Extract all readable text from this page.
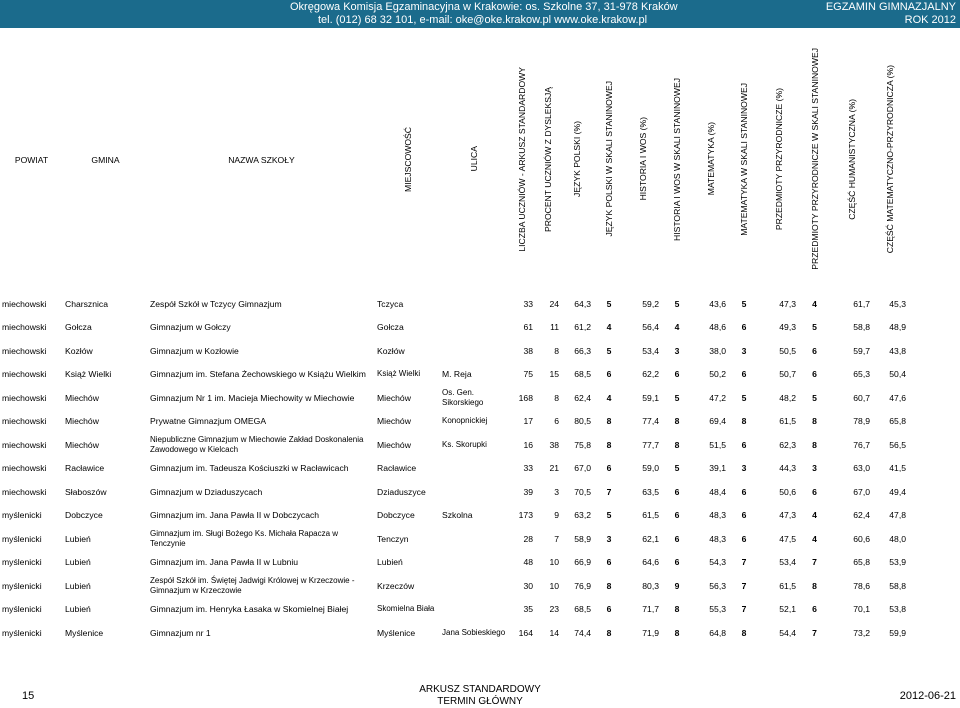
Okręgowa Komisja Egzaminacyjna w Krakowie: os. Szkolne 37, 31-978 Kraków
tel. (012) 68 32 101, e-mail: oke@oke.krakow.pl www.oke.krakow.pl
EGZAMIN GIMNAZJALNY
ROK 2012
POWIAT	GMINA	NAZWA SZKOŁY	MIEJSCOWOŚĆ	ULICA	LICZBA UCZNIÓW - ARKUSZ STANDARDOWY	PROCENT UCZNIÓW Z DYSLEKSJĄ	JĘZYK POLSKI (%)	JĘZYK POLSKI W SKALI STANINOWEJ	HISTORIA I WOS (%)	HISTORIA I WOS W SKALI STANINOWEJ	MATEMATYKA (%)	MATEMATYKA W SKALI STANINOWEJ	PRZEDMIOTY PRZYRODNICZE (%)	PRZEDMIOTY PRZYRODNICZE W SKALI STANINOWEJ	CZĘŚĆ HUMANISTYCZNA (%)	CZĘŚĆ MATEMATYCZNO-PRZYRODNICZA (%)

miechowski	Charsznica	Zespół Szkół w Tczycy Gimnazjum	Tczyca		33	24	64,3	5	59,2	5	43,6	5	47,3	4	61,7	45,3
miechowski	Gołcza	Gimnazjum w Gołczy	Gołcza		61	11	61,2	4	56,4	4	48,6	6	49,3	5	58,8	48,9
miechowski	Kozłów	Gimnazjum w Kozłowie	Kozłów		38	8	66,3	5	53,4	3	38,0	3	50,5	6	59,7	43,8
miechowski	Książ Wielki	Gimnazjum im. Stefana Żechowskiego w Książu Wielkim	Książ Wielki	M. Reja	75	15	68,5	6	62,2	6	50,2	6	50,7	6	65,3	50,4
miechowski	Miechów	Gimnazjum Nr 1 im. Macieja Miechowity w Miechowie	Miechów	Os. Gen. Sikorskiego	168	8	62,4	4	59,1	5	47,2	5	48,2	5	60,7	47,6
miechowski	Miechów	Prywatne Gimnazjum OMEGA	Miechów	Konopnickiej	17	6	80,5	8	77,4	8	69,4	8	61,5	8	78,9	65,8
miechowski	Miechów	Niepubliczne Gimnazjum w Miechowie Zakład Doskonalenia Zawodowego w Kielcach	Miechów	Ks. Skorupki	16	38	75,8	8	77,7	8	51,5	6	62,3	8	76,7	56,5
miechowski	Racławice	Gimnazjum im. Tadeusza Kościuszki w Racławicach	Racławice		33	21	67,0	6	59,0	5	39,1	3	44,3	3	63,0	41,5
miechowski	Słaboszów	Gimnazjum w Dziaduszycach	Dziaduszyce		39	3	70,5	7	63,5	6	48,4	6	50,6	6	67,0	49,4
myślenicki	Dobczyce	Gimnazjum im. Jana Pawła II w Dobczycach	Dobczyce	Szkolna	173	9	63,2	5	61,5	6	48,3	6	47,3	4	62,4	47,8
myślenicki	Lubień	Gimnazjum im. Sługi Bożego Ks. Michała Rapacza w Tenczynie	Tenczyn		28	7	58,9	3	62,1	6	48,3	6	47,5	4	60,6	48,0
myślenicki	Lubień	Gimnazjum im. Jana Pawła II w Lubniu	Lubień		48	10	66,9	6	64,6	6	54,3	7	53,4	7	65,8	53,9
myślenicki	Lubień	Zespół Szkół im. Świętej Jadwigi Królowej w Krzeczowie - Gimnazjum w Krzeczowie	Krzeczów		30	10	76,9	8	80,3	9	56,3	7	61,5	8	78,6	58,8
myślenicki	Lubień	Gimnazjum im. Henryka Łasaka w Skomielnej Białej	Skomielna Biała		35	23	68,5	6	71,7	8	55,3	7	52,1	6	70,1	53,8
myślenicki	Myślenice	Gimnazjum nr 1	Myślenice	Jana Sobieskiego	164	14	74,4	8	71,9	8	64,8	8	54,4	7	73,2	59,9
15
ARKUSZ STANDARDOWY
TERMIN GŁÓWNY	2012-06-21
